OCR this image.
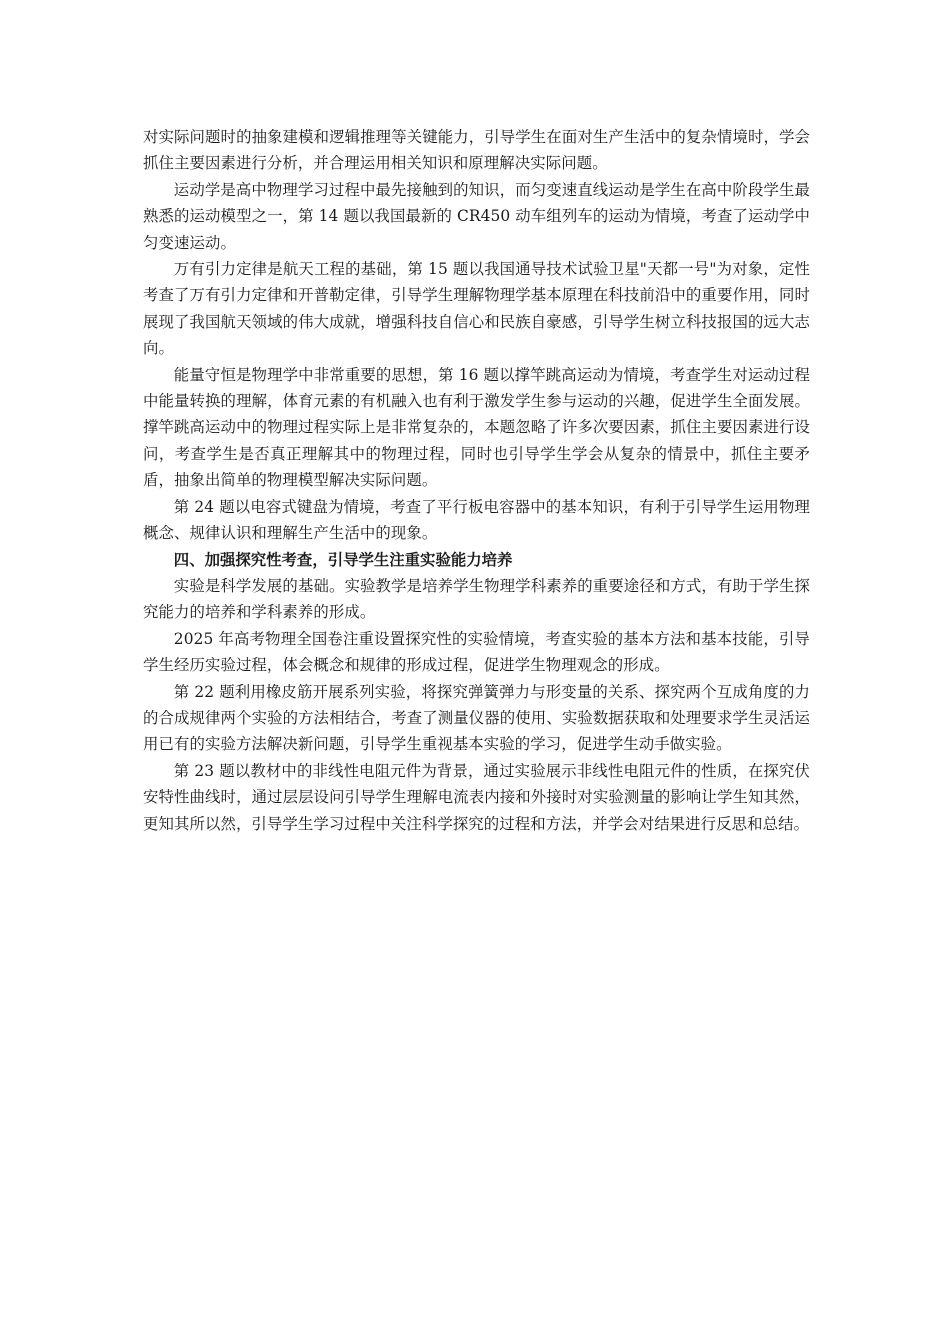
对实际问题时的抽象建模和逻辑推理等关键能力，引导学生在面对生产生活中的复杂情境时，学会抓住主要因素进行分析，并合理运用相关知识和原理解决实际问题。

运动学是高中物理学习过程中最先接触到的知识，而匀变速直线运动是学生在高中阶段学生最熟悉的运动模型之一，第 14 题以我国最新的 CR450 动车组列车的运动为情境，考查了运动学中匀变速运动。

万有引力定律是航天工程的基础，第 15 题以我国通导技术试验卫星"天都一号"为对象，定性考查了万有引力定律和开普勒定律，引导学生理解物理学基本原理在科技前沿中的重要作用，同时展现了我国航天领域的伟大成就，增强科技自信心和民族自豪感，引导学生树立科技报国的远大志向。

能量守恒是物理学中非常重要的思想，第 16 题以撑竿跳高运动为情境，考查学生对运动过程中能量转换的理解，体育元素的有机融入也有利于激发学生参与运动的兴趣，促进学生全面发展。撑竿跳高运动中的物理过程实际上是非常复杂的，本题忽略了许多次要因素，抓住主要因素进行设问，考查学生是否真正理解其中的物理过程，同时也引导学生学会从复杂的情景中，抓住主要矛盾，抽象出简单的物理模型解决实际问题。

第 24 题以电容式键盘为情境，考查了平行板电容器中的基本知识，有利于引导学生运用物理概念、规律认识和理解生产生活中的现象。

四、加强探究性考查，引导学生注重实验能力培养

实验是科学发展的基础。实验教学是培养学生物理学科素养的重要途径和方式，有助于学生探究能力的培养和学科素养的形成。

2025 年高考物理全国卷注重设置探究性的实验情境，考查实验的基本方法和基本技能，引导学生经历实验过程，体会概念和规律的形成过程，促进学生物理观念的形成。

第 22 题利用橡皮筋开展系列实验，将探究弹簧弹力与形变量的关系、探究两个互成角度的力的合成规律两个实验的方法相结合，考查了测量仪器的使用、实验数据获取和处理要求学生灵活运用已有的实验方法解决新问题，引导学生重视基本实验的学习，促进学生动手做实验。

第 23 题以教材中的非线性电阻元件为背景，通过实验展示非线性电阻元件的性质，在探究伏安特性曲线时，通过层层设问引导学生理解电流表内接和外接时对实验测量的影响让学生知其然，更知其所以然，引导学生学习过程中关注科学探究的过程和方法，并学会对结果进行反思和总结。
